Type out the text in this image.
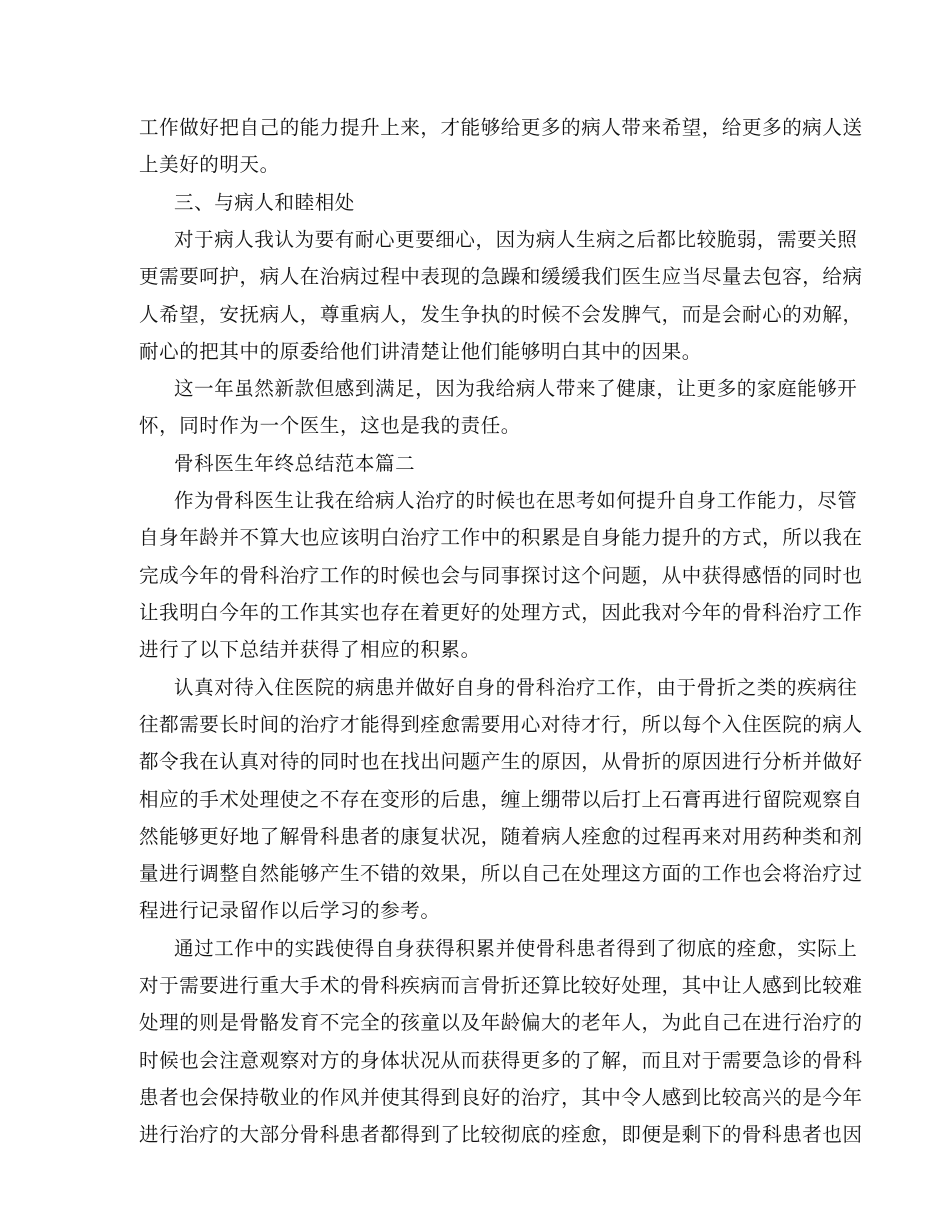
工作做好把自己的能力提升上来，才能够给更多的病人带来希望，给更多的病人送
上美好的明天。
三、与病人和睦相处
对于病人我认为要有耐心更要细心，因为病人生病之后都比较脆弱，需要关照
更需要呵护，病人在治病过程中表现的急躁和缓缓我们医生应当尽量去包容，给病
人希望，安抚病人，尊重病人，发生争执的时候不会发脾气，而是会耐心的劝解，
耐心的把其中的原委给他们讲清楚让他们能够明白其中的因果。
这一年虽然新款但感到满足，因为我给病人带来了健康，让更多的家庭能够开
怀，同时作为一个医生，这也是我的责任。
骨科医生年终总结范本篇二
作为骨科医生让我在给病人治疗的时候也在思考如何提升自身工作能力，尽管
自身年龄并不算大也应该明白治疗工作中的积累是自身能力提升的方式，所以我在
完成今年的骨科治疗工作的时候也会与同事探讨这个问题，从中获得感悟的同时也
让我明白今年的工作其实也存在着更好的处理方式，因此我对今年的骨科治疗工作
进行了以下总结并获得了相应的积累。
认真对待入住医院的病患并做好自身的骨科治疗工作，由于骨折之类的疾病往
往都需要长时间的治疗才能得到痊愈需要用心对待才行，所以每个入住医院的病人
都令我在认真对待的同时也在找出问题产生的原因，从骨折的原因进行分析并做好
相应的手术处理使之不存在变形的后患，缠上绷带以后打上石膏再进行留院观察自
然能够更好地了解骨科患者的康复状况，随着病人痊愈的过程再来对用药种类和剂
量进行调整自然能够产生不错的效果，所以自己在处理这方面的工作也会将治疗过
程进行记录留作以后学习的参考。
通过工作中的实践使得自身获得积累并使骨科患者得到了彻底的痊愈，实际上
对于需要进行重大手术的骨科疾病而言骨折还算比较好处理，其中让人感到比较难
处理的则是骨骼发育不完全的孩童以及年龄偏大的老年人，为此自己在进行治疗的
时候也会注意观察对方的身体状况从而获得更多的了解，而且对于需要急诊的骨科
患者也会保持敬业的作风并使其得到良好的治疗，其中令人感到比较高兴的是今年
进行治疗的大部分骨科患者都得到了比较彻底的痊愈，即便是剩下的骨科患者也因
